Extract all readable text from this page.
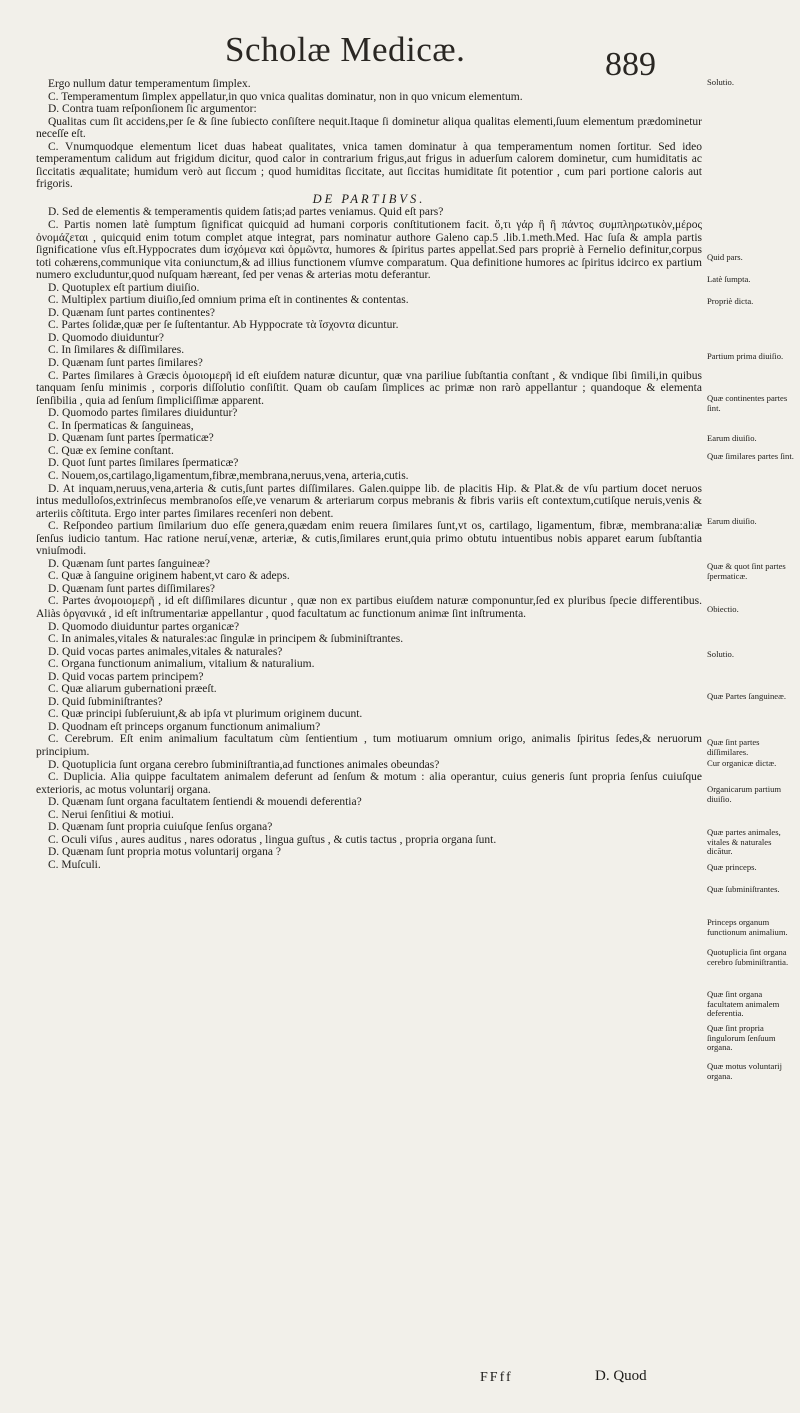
Scholæ Medicæ.	889

Ergo nullum datur temperamentum ſimplex.

C. Temperamentum ſimplex appellatur,in quo vnica qualitas dominatur, non in quo vnicum elementum.

D. Contra tuam reſponſionem ſic argumentor:

Qualitas cum ſit accidens,per ſe & ſine ſubiecto conſiſtere nequit.Itaque ſi dominetur aliqua qualitas elementi,ſuum elementum prædominetur neceſſe eſt.

C. Vnumquodque elementum licet duas habeat qualitates, vnica tamen dominatur à qua temperamentum nomen ſortitur. Sed ideo temperamentum calidum aut frigidum dicitur, quod calor in contrarium frigus,aut frigus in aduerſum calorem dominetur, cum humiditatis ac ſiccitatis æqualitate; humidum verò aut ſiccum ; quod humiditas ſiccitate, aut ſiccitas humiditate ſit potentior , cum pari portione caloris aut frigoris.

DE PARTIBVS.

D. Sed de elementis & temperamentis quidem ſatis;ad partes veniamus. Quid eſt pars?

C. Partis nomen latè ſumptum ſignificat quicquid ad humani corporis conſtitutionem facit. ὅ,τι γάρ ἢ ἢ πάντος συμπληρωτικὸν,μέρος ὀνομάζεται , quicquid enim totum complet atque integrat, pars nominatur authore Galeno cap.5 .lib.1.meth.Med. Hac ſuſa & ampla partis ſignificatione vſus eſt.Hyppocrates dum ἰσχόμενα καὶ ὁρμῶντα, humores & ſpiritus partes appellat.Sed pars propriè à Fernelio definitur,corpus toti cohærens,communique vita coniunctum,& ad illius functionem vſumve comparatum. Qua definitione humores ac ſpiritus idcirco ex partium numero excluduntur,quod nuſquam hæreant, ſed per venas & arterias motu deferantur.

D. Quotuplex eſt partium diuiſio.

C. Multiplex partium diuiſio,ſed omnium prima eſt in continentes & contentas.

D. Quænam ſunt partes continentes?

C. Partes ſolidæ,quæ per ſe ſuſtentantur. Ab Hyppocrate τὰ ἴσχοντα dicuntur.

D. Quomodo diuiduntur?

C. In ſimilares & diſſimilares.

D. Quænam ſunt partes ſimilares?

C. Partes ſimilares à Græcis ὁμοιομερῆ id eſt eiuſdem naturæ dicuntur, quæ vna pariliue ſubſtantia conſtant , & vndique ſibi ſimili,in quibus tanquam ſenſu minimis , corporis diſſolutio conſiſtit. Quam ob cauſam ſimplices ac primæ non rarò appellantur ; quandoque & elementa ſenſibilia , quia ad ſenſum ſimpliciſſimæ apparent.

D. Quomodo partes ſimilares diuiduntur?

C. In ſpermaticas & ſanguineas,

D. Quænam ſunt partes ſpermaticæ?

C. Quæ ex ſemine conſtant.

D. Quot ſunt partes ſimilares ſpermaticæ?

C. Nouem,os,cartilago,ligamentum,fibræ,membrana,neruus,vena, arteria,cutis.

D. At inquam,neruus,vena,arteria & cutis,ſunt partes diſſimilares. Galen.quippe lib. de placitis Hip. & Plat.& de vſu partium docet neruos intus medulloſos,extrinſecus membranoſos eſſe,ve venarum & arteriarum corpus mebranis & fibris variis eſt contextum,cutiſque neruis,venis & arteriis cõſtituta. Ergo inter partes ſimilares recenſeri non debent.

C. Reſpondeo partium ſimilarium duo eſſe genera,quædam enim reuera ſimilares ſunt,vt os, cartilago, ligamentum, fibræ, membrana:aliæ ſenſus iudicio tantum. Hac ratione neruí,venæ, arteriæ, & cutis,ſimilares erunt,quia primo obtutu intuentibus nobis apparet earum ſubſtantia vniuſmodi.

D. Quænam ſunt partes ſanguineæ?

C. Quæ à ſanguine originem habent,vt caro & adeps.

D. Quænam ſunt partes diſſimilares?

C. Partes ἀνομοιομερῆ , id eſt diſſimilares dicuntur , quæ non ex partibus eiuſdem naturæ componuntur,ſed ex pluribus ſpecie differentibus. Aliàs ὀργανικά , id eſt inſtrumentariæ appellantur , quod facultatum ac functionum animæ ſint inſtrumenta.

D. Quomodo diuiduntur partes organicæ?

C. In animales,vitales & naturales:ac ſingulæ in principem & ſubminiſtrantes.

D. Quid vocas partes animales,vitales & naturales?

C. Organa functionum animalium, vitalium & naturalium.

D. Quid vocas partem principem?

C. Quæ aliarum gubernationi præeſt.

D. Quid ſubminiſtrantes?

C. Quæ principi ſubſeruiunt,& ab ipſa vt plurimum originem ducunt.

D. Quodnam eſt princeps organum functionum animalium?

C. Cerebrum. Eſt enim animalium facultatum cùm ſentientium , tum motiuarum omnium origo, animalis ſpiritus ſedes,& neruorum principium.

D. Quotuplicia ſunt organa cerebro ſubminiſtrantia,ad functiones animales obeundas?

C. Duplicia. Alia quippe facultatem animalem deferunt ad ſenſum & motum : alia operantur, cuius generis ſunt propria ſenſus cuiuſque exterioris, ac motus voluntarij organa.

D. Quænam ſunt organa facultatem ſentiendi & mouendi deferentia?

C. Nerui ſenſitiui & motiui.

D. Quænam ſunt propria cuiuſque ſenſus organa?

C. Oculi viſus , aures auditus , nares odoratus , lingua guſtus , & cutis tactus , propria organa ſunt.

D. Quænam ſunt propria motus voluntarij organa ?

C. Muſculi.

Solutio.
Quid pars.
Latè ſumpta.
Propriè dicta.
Partium prima diuiſio.
Quæ continentes partes ſint.
Earum diuiſio.
Quæ ſimilares partes ſint.
Earum diuiſio.
Quæ & quot ſint partes ſpermaticæ.
Obiectio.
Solutio.
Quæ Partes ſanguineæ.
Quæ ſint partes diſſimilares.
Cur organicæ dictæ.
Organicarum partium diuiſio.
Quæ partes animales, vitales & naturales dicātur.
Quæ princeps.
Quæ ſubminiſtrantes.
Princeps organum functionum animalium.
Quotuplicia ſint organa cerebro ſubminiſtrantia.
Quæ ſint organa facultatem animalem deferentia.
Quæ ſint propria ſingulorum ſenſuum organa.
Quæ motus voluntarij organa.
FFff	D. Quod
